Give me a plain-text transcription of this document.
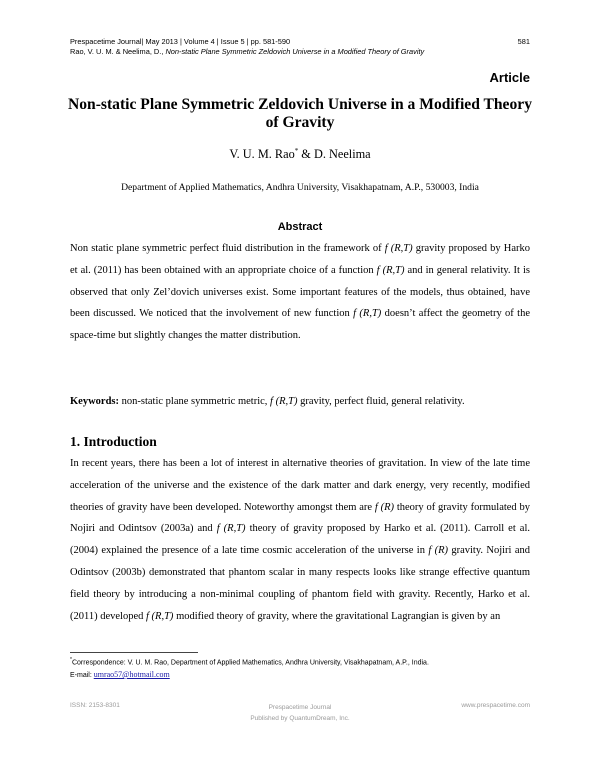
Prespacetime Journal| May 2013 | Volume 4 | Issue 5 | pp. 581-590	581
Rao, V. U. M. & Neelima, D., Non-static Plane Symmetric Zeldovich Universe in a Modified Theory of Gravity
Article
Non-static Plane Symmetric Zeldovich Universe in a Modified Theory of Gravity
V. U. M. Rao* & D. Neelima
Department of Applied Mathematics, Andhra University, Visakhapatnam, A.P., 530003, India
Abstract

Non static plane symmetric perfect fluid distribution in the framework of f (R,T) gravity proposed by Harko et al. (2011) has been obtained with an appropriate choice of a function f (R,T) and in general relativity. It is observed that only Zel’dovich universes exist. Some important features of the models, thus obtained, have been discussed. We noticed that the involvement of new function f (R,T) doesn’t affect the geometry of the space-time but slightly changes the matter distribution.

Keywords: non-static plane symmetric metric, f (R,T) gravity, perfect fluid, general relativity.

1. Introduction

In recent years, there has been a lot of interest in alternative theories of gravitation. In view of the late time acceleration of the universe and the existence of the dark matter and dark energy, very recently, modified theories of gravity have been developed. Noteworthy amongst them are f (R) theory of gravity formulated by Nojiri and Odintsov (2003a) and f (R,T) theory of gravity proposed by Harko et al. (2011). Carroll et al. (2004) explained the presence of a late time cosmic acceleration of the universe in f (R) gravity. Nojiri and Odintsov (2003b) demonstrated that phantom scalar in many respects looks like strange effective quantum field theory by introducing a non-minimal coupling of phantom field with gravity. Recently, Harko et al. (2011) developed f (R,T) modified theory of gravity, where the gravitational Lagrangian is given by an

*Correspondence: V. U. M. Rao, Department of Applied Mathematics, Andhra University, Visakhapatnam, A.P., India.
E-mail: umrao57@hotmail.com
ISSN: 2153-8301	Prespacetime Journal
Published by QuantumDream, Inc.
www.prespacetime.com
